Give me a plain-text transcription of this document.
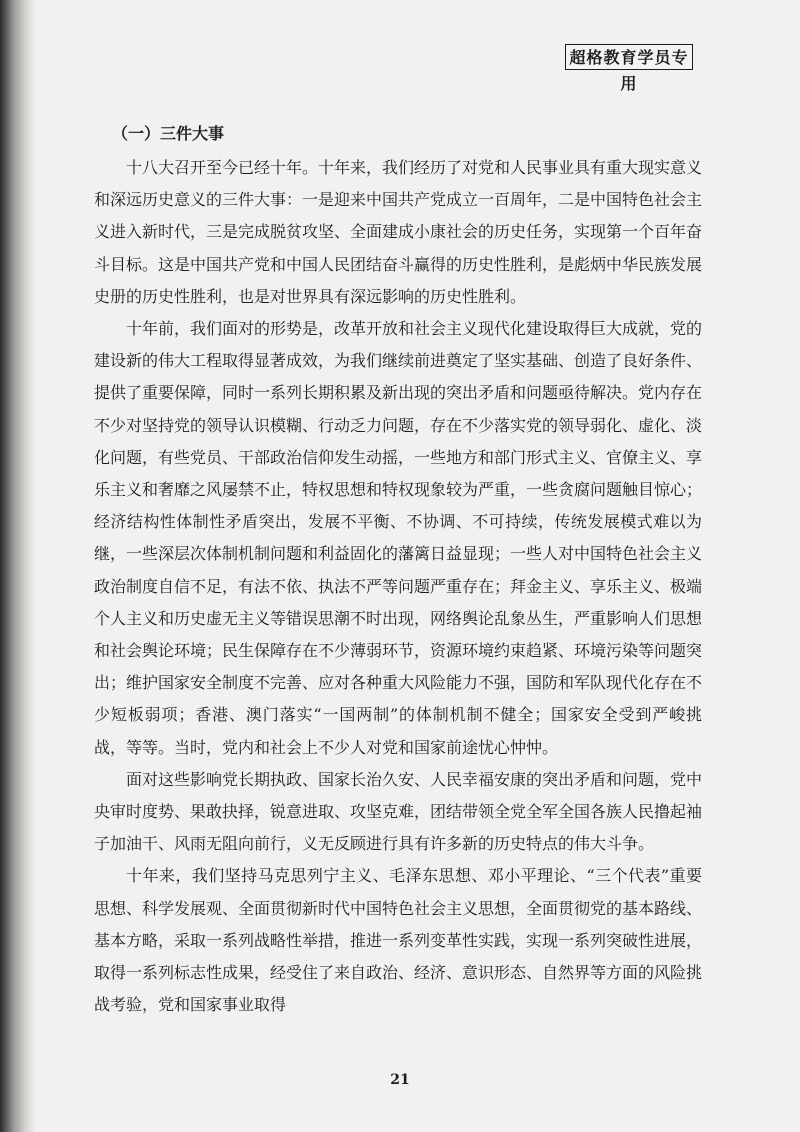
超格教育学员专用
（一）三件大事

十八大召开至今已经十年。十年来，我们经历了对党和人民事业具有重大现实意义和深远历史意义的三件大事：一是迎来中国共产党成立一百周年，二是中国特色社会主义进入新时代，三是完成脱贫攻坚、全面建成小康社会的历史任务，实现第一个百年奋斗目标。这是中国共产党和中国人民团结奋斗赢得的历史性胜利，是彪炳中华民族发展史册的历史性胜利，也是对世界具有深远影响的历史性胜利。

十年前，我们面对的形势是，改革开放和社会主义现代化建设取得巨大成就，党的建设新的伟大工程取得显著成效，为我们继续前进奠定了坚实基础、创造了良好条件、提供了重要保障，同时一系列长期积累及新出现的突出矛盾和问题亟待解决。党内存在不少对坚持党的领导认识模糊、行动乏力问题，存在不少落实党的领导弱化、虚化、淡化问题，有些党员、干部政治信仰发生动摇，一些地方和部门形式主义、官僚主义、享乐主义和奢靡之风屡禁不止，特权思想和特权现象较为严重，一些贪腐问题触目惊心；经济结构性体制性矛盾突出，发展不平衡、不协调、不可持续，传统发展模式难以为继，一些深层次体制机制问题和利益固化的藩篱日益显现；一些人对中国特色社会主义政治制度自信不足，有法不依、执法不严等问题严重存在；拜金主义、享乐主义、极端个人主义和历史虚无主义等错误思潮不时出现，网络舆论乱象丛生，严重影响人们思想和社会舆论环境；民生保障存在不少薄弱环节，资源环境约束趋紧、环境污染等问题突出；维护国家安全制度不完善、应对各种重大风险能力不强，国防和军队现代化存在不少短板弱项；香港、澳门落实“一国两制”的体制机制不健全；国家安全受到严峻挑战，等等。当时，党内和社会上不少人对党和国家前途忧心忡忡。

面对这些影响党长期执政、国家长治久安、人民幸福安康的突出矛盾和问题，党中央审时度势、果敢抉择，锐意进取、攻坚克难，团结带领全党全军全国各族人民撸起袖子加油干、风雨无阻向前行，义无反顾进行具有许多新的历史特点的伟大斗争。

十年来，我们坚持马克思列宁主义、毛泽东思想、邓小平理论、“三个代表”重要思想、科学发展观、全面贯彻新时代中国特色社会主义思想，全面贯彻党的基本路线、基本方略，采取一系列战略性举措，推进一系列变革性实践，实现一系列突破性进展，取得一系列标志性成果，经受住了来自政治、经济、意识形态、自然界等方面的风险挑战考验，党和国家事业取得

21
